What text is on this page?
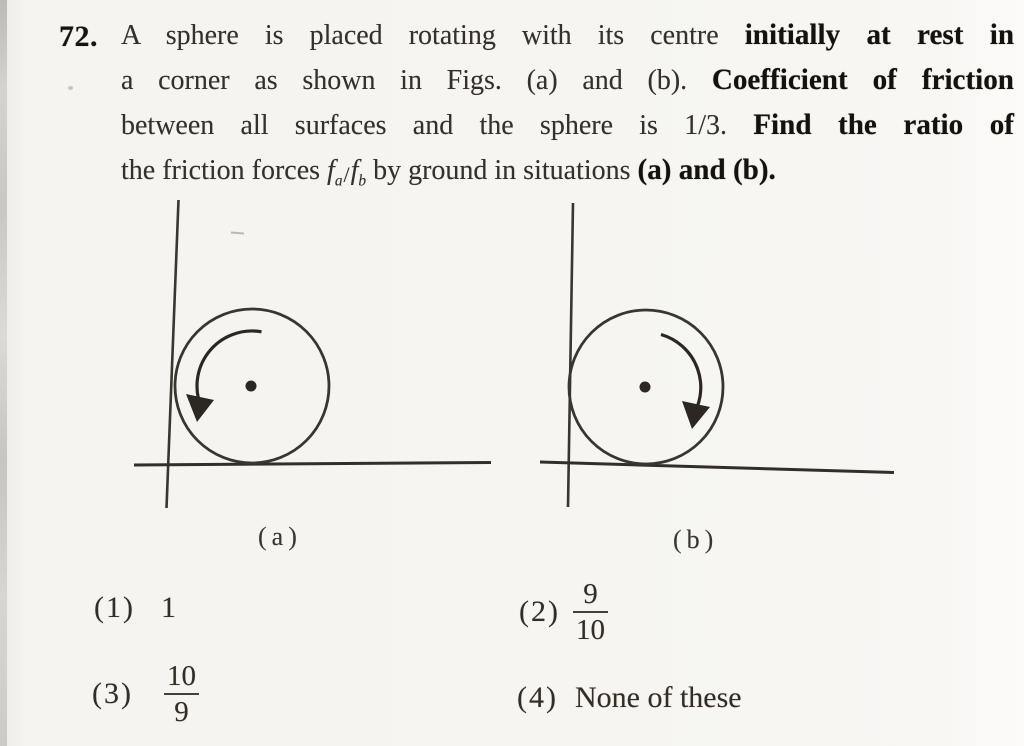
72. A sphere is placed rotating with its centre initially at rest in
a corner as shown in Figs. (a) and (b). Coefficient of friction
between all surfaces and the sphere is 1/3. Find the ratio of
the friction forces $f_a/f_b$ by ground in situations (a) and (b).
(a)	(b)
(1) 1	$(2) \frac{9}{10}$
$(3) \frac{10}{9}$	(4) None of these
